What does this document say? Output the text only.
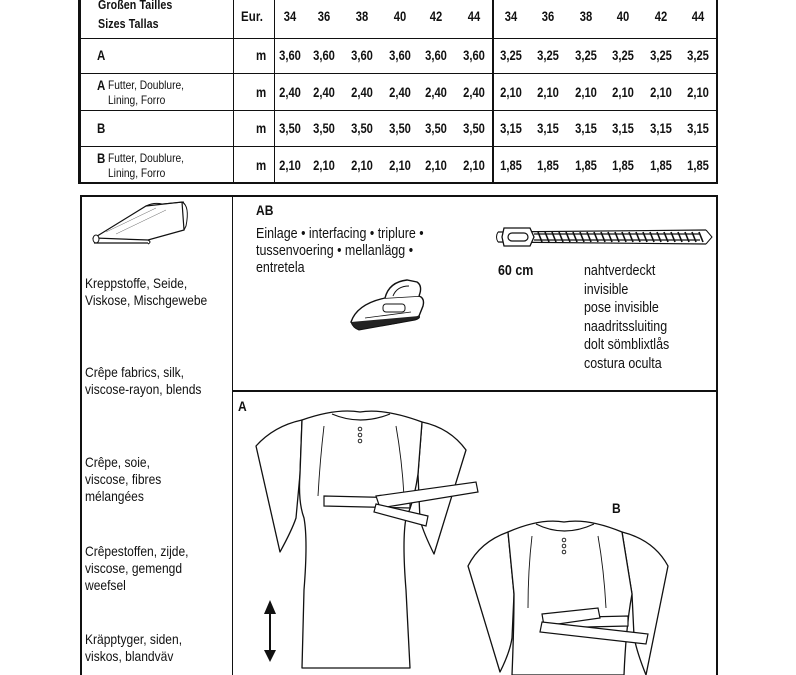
Großen Tailles
Sizes Tallas	Eur.	34	36	38	40	42	44	34	36	38	40	42	44
A	m 3,60 3,60	3,60	3,60	3,60	3,60	3,25	3,25	3,25	3,25	3,25	3,25
A Futter, Doublure,
Lining, Forro	m 2,40 2,40	2,40	2,40	2,40	2,40	2,10	2,10	2,10	2,10	2,10	2,10
B	m 3,50 3,50	3,50	3,50	3,50	3,50	3,15	3,15	3,15	3,15	3,15	3,15
B Futter, Doublure,
Lining, Forro	m 2,10 2,10	2,10	2,10	2,10	2,10	1,85	1,85	1,85	1,85	1,85	1,85
Kreppstoffe, Seide, Viskose, Mischgewebe
Crêpe fabrics, silk, viscose-rayon, blends
Crêpe, soie, viscose, fibres mélangées
Crêpestoffen, zijde, viscose, gemengd weefsel
Kräpptyger, siden, viskos, blandväv
AB
Einlage • interfacing • triplure •
tussenvoering • mellanlägg •
entretela	60 cm	nahtverdeckt
invisible
pose invisible
naadritssluiting
dolt sömblixtlås
costura oculta
A
B
